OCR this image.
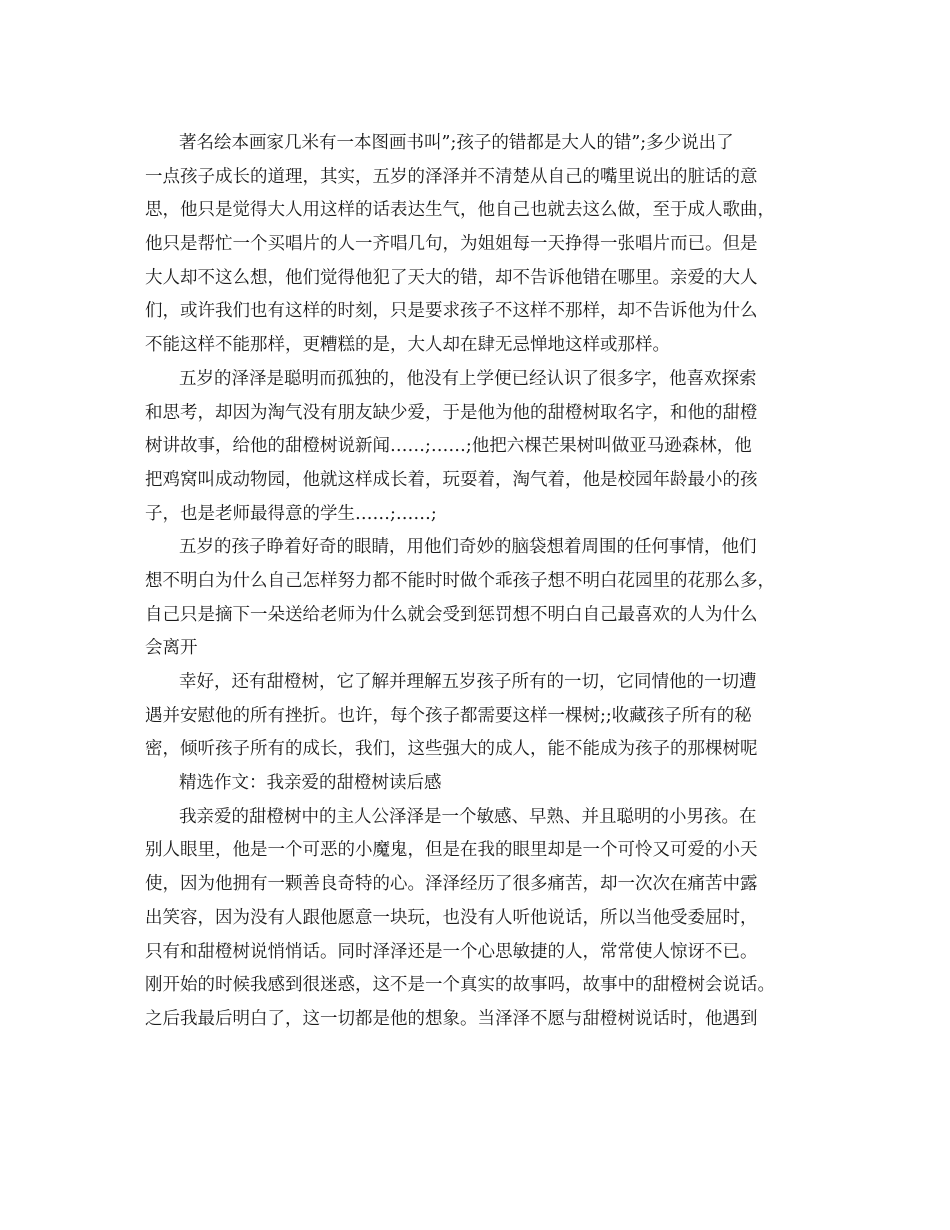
著名绘本画家几米有一本图画书叫”;孩子的错都是大人的错”;多少说出了
一点孩子成长的道理，其实，五岁的泽泽并不清楚从自己的嘴里说出的脏话的意
思，他只是觉得大人用这样的话表达生气，他自己也就去这么做，至于成人歌曲，
他只是帮忙一个买唱片的人一齐唱几句，为姐姐每一天挣得一张唱片而已。但是
大人却不这么想，他们觉得他犯了天大的错，却不告诉他错在哪里。亲爱的大人
们，或许我们也有这样的时刻，只是要求孩子不这样不那样，却不告诉他为什么
不能这样不能那样，更糟糕的是，大人却在肆无忌惮地这样或那样。
五岁的泽泽是聪明而孤独的，他没有上学便已经认识了很多字，他喜欢探索
和思考，却因为淘气没有朋友缺少爱，于是他为他的甜橙树取名字，和他的甜橙
树讲故事，给他的甜橙树说新闻……;……;他把六棵芒果树叫做亚马逊森林，他
把鸡窝叫成动物园，他就这样成长着，玩耍着，淘气着，他是校园年龄最小的孩
子，也是老师最得意的学生……;……;
五岁的孩子睁着好奇的眼睛，用他们奇妙的脑袋想着周围的任何事情，他们
想不明白为什么自己怎样努力都不能时时做个乖孩子想不明白花园里的花那么多，
自己只是摘下一朵送给老师为什么就会受到惩罚想不明白自己最喜欢的人为什么
会离开
幸好，还有甜橙树，它了解并理解五岁孩子所有的一切，它同情他的一切遭
遇并安慰他的所有挫折。也许，每个孩子都需要这样一棵树;;收藏孩子所有的秘
密，倾听孩子所有的成长，我们，这些强大的成人，能不能成为孩子的那棵树呢
精选作文：我亲爱的甜橙树读后感
我亲爱的甜橙树中的主人公泽泽是一个敏感、早熟、并且聪明的小男孩。在
别人眼里，他是一个可恶的小魔鬼，但是在我的眼里却是一个可怜又可爱的小天
使，因为他拥有一颗善良奇特的心。泽泽经历了很多痛苦，却一次次在痛苦中露
出笑容，因为没有人跟他愿意一块玩，也没有人听他说话，所以当他受委屈时，
只有和甜橙树说悄悄话。同时泽泽还是一个心思敏捷的人，常常使人惊讶不已。
刚开始的时候我感到很迷惑，这不是一个真实的故事吗，故事中的甜橙树会说话。
之后我最后明白了，这一切都是他的想象。当泽泽不愿与甜橙树说话时，他遇到
